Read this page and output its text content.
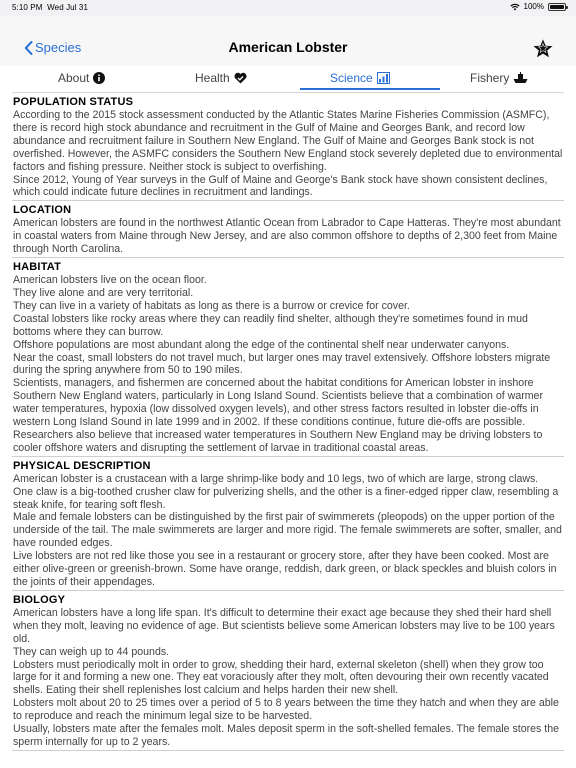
5:10 PM Wed Jul 31	100%
Species	American Lobster
About	Health	Science	Fishery
POPULATION STATUS

According to the 2015 stock assessment conducted by the Atlantic States Marine Fisheries Commission (ASMFC), there is record high stock abundance and recruitment in the Gulf of Maine and Georges Bank, and record low abundance and recruitment failure in Southern New England. The Gulf of Maine and Georges Bank stock is not overfished. However, the ASMFC considers the Southern New England stock severely depleted due to environmental factors and fishing pressure. Neither stock is subject to overfishing.

Since 2012, Young of Year surveys in the Gulf of Maine and George's Bank stock have shown consistent declines, which could indicate future declines in recruitment and landings.

LOCATION

American lobsters are found in the northwest Atlantic Ocean from Labrador to Cape Hatteras. They're most abundant in coastal waters from Maine through New Jersey, and are also common offshore to depths of 2,300 feet from Maine through North Carolina.

HABITAT

American lobsters live on the ocean floor.

They live alone and are very territorial.

They can live in a variety of habitats as long as there is a burrow or crevice for cover.

Coastal lobsters like rocky areas where they can readily find shelter, although they're sometimes found in mud bottoms where they can burrow.

Offshore populations are most abundant along the edge of the continental shelf near underwater canyons.

Near the coast, small lobsters do not travel much, but larger ones may travel extensively. Offshore lobsters migrate during the spring anywhere from 50 to 190 miles.

Scientists, managers, and fishermen are concerned about the habitat conditions for American lobster in inshore Southern New England waters, particularly in Long Island Sound. Scientists believe that a combination of warmer water temperatures, hypoxia (low dissolved oxygen levels), and other stress factors resulted in lobster die-offs in western Long Island Sound in late 1999 and in 2002. If these conditions continue, future die-offs are possible. Researchers also believe that increased water temperatures in Southern New England may be driving lobsters to cooler offshore waters and disrupting the settlement of larvae in traditional coastal areas.

PHYSICAL DESCRIPTION

American lobster is a crustacean with a large shrimp-like body and 10 legs, two of which are large, strong claws.

One claw is a big-toothed crusher claw for pulverizing shells, and the other is a finer-edged ripper claw, resembling a steak knife, for tearing soft flesh.

Male and female lobsters can be distinguished by the first pair of swimmerets (pleopods) on the upper portion of the underside of the tail. The male swimmerets are larger and more rigid. The female swimmerets are softer, smaller, and have rounded edges.

Live lobsters are not red like those you see in a restaurant or grocery store, after they have been cooked. Most are either olive-green or greenish-brown. Some have orange, reddish, dark green, or black speckles and bluish colors in the joints of their appendages.

BIOLOGY

American lobsters have a long life span. It's difficult to determine their exact age because they shed their hard shell when they molt, leaving no evidence of age. But scientists believe some American lobsters may live to be 100 years old.

They can weigh up to 44 pounds.

Lobsters must periodically molt in order to grow, shedding their hard, external skeleton (shell) when they grow too large for it and forming a new one. They eat voraciously after they molt, often devouring their own recently vacated shells. Eating their shell replenishes lost calcium and helps harden their new shell.

Lobsters molt about 20 to 25 times over a period of 5 to 8 years between the time they hatch and when they are able to reproduce and reach the minimum legal size to be harvested.

Usually, lobsters mate after the females molt. Males deposit sperm in the soft-shelled females. The female stores the sperm internally for up to 2 years.
